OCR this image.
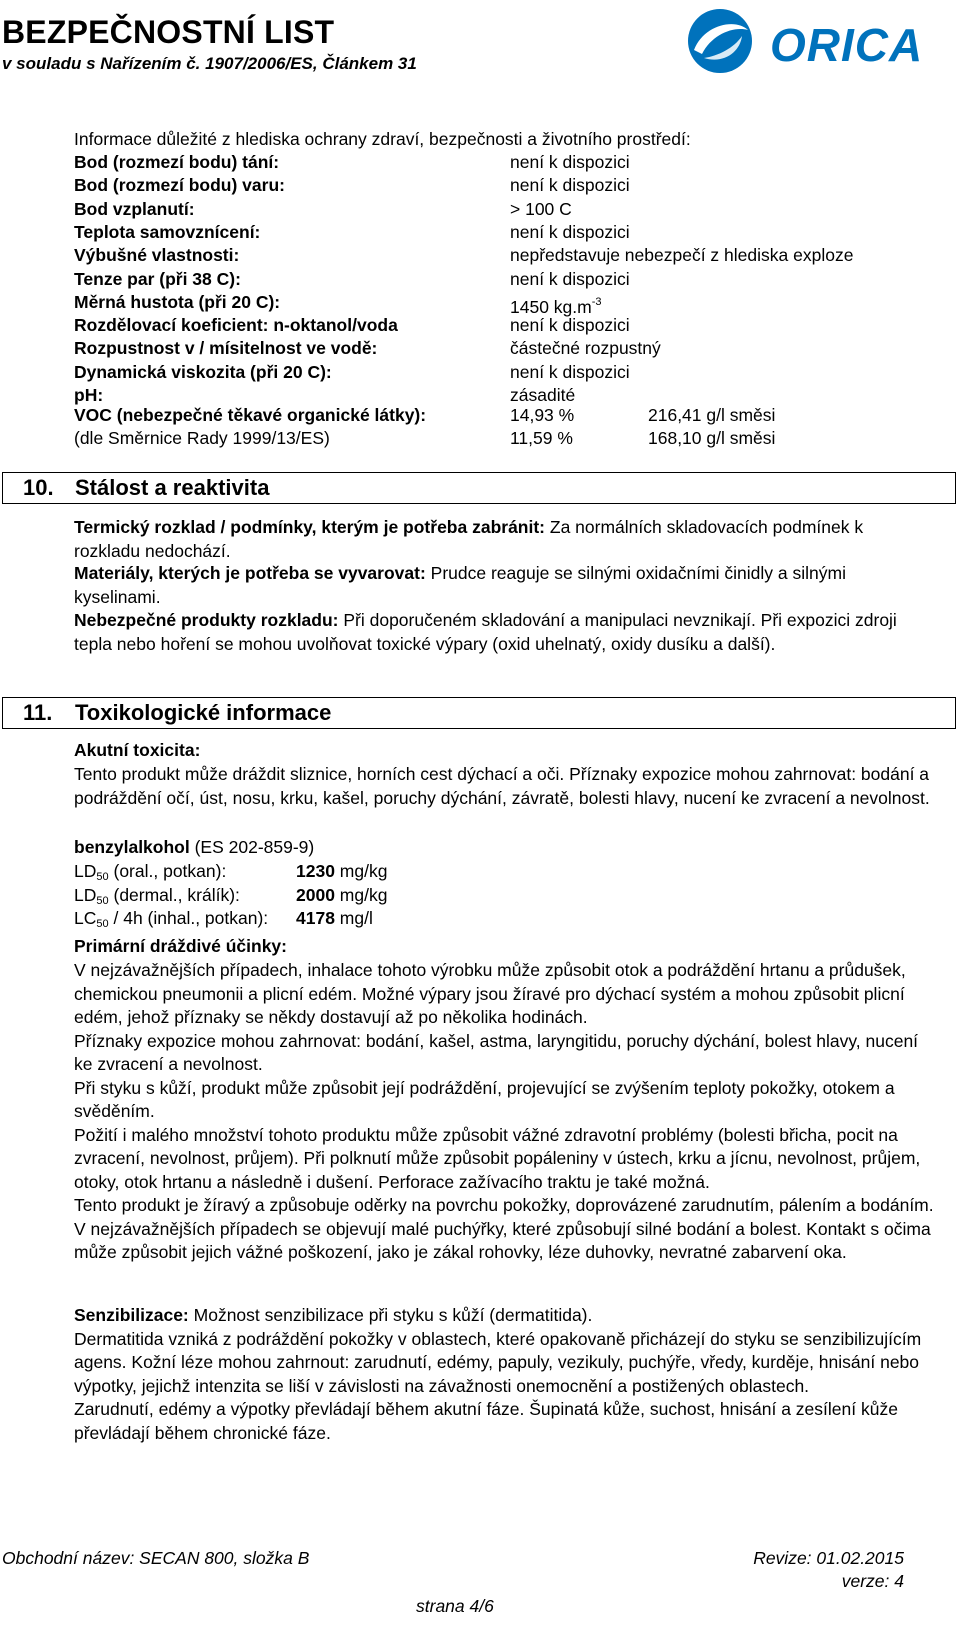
BEZPEČNOSTNÍ LIST
v souladu s Nařízením č. 1907/2006/ES, Článkem 31	ORICA
Informace důležité z hlediska ochrany zdraví, bezpečnosti a životního prostředí:
Bod (rozmezí bodu) tání:	není k dispozici
Bod (rozmezí bodu) varu:	není k dispozici
Bod vzplanutí:	> 100 C
Teplota samovznícení:	není k dispozici
Výbušné vlastnosti:	nepředstavuje nebezpečí z hlediska exploze
Tenze par (při 38 C):	není k dispozici
Měrná hustota (při 20 C):	1450 $kg.m^{-3}$
Rozdělovací koeficient: n-oktanol/voda	není k dispozici
Rozpustnost v / mísitelnost ve vodě:	částečné rozpustný
Dynamická viskozita (při 20 C):	není k dispozici
pH:	zásadité
VOC (nebezpečné těkavé organické látky):	14,93 %	216,41 g/l směsi
(dle Směrnice Rady 1999/13/ES)	11,59 %	168,10 g/l směsi
10. Stálost a reaktivita
Termický rozklad / podmínky, kterým je potřeba zabránit: Za normálních skladovacích podmínek k rozkladu nedochází.
Materiály, kterých je potřeba se vyvarovat: Prudce reaguje se silnými oxidačními činidly a silnými kyselinami.
Nebezpečné produkty rozkladu: Při doporučeném skladování a manipulaci nevznikají. Při expozici zdroji tepla nebo hoření se mohou uvolňovat toxické výpary (oxid uhelnatý, oxidy dusíku a další).
11. Toxikologické informace
Akutní toxicita:
Tento produkt může dráždit sliznice, horních cest dýchací a oči. Příznaky expozice mohou zahrnovat: bodání a podráždění očí, úst, nosu, krku, kašel, poruchy dýchání, závratě, bolesti hlavy, nucení ke zvracení a nevolnost.
benzylalkohol (ES 202-859-9)
$LD_{50}$ (oral., potkan):	1230 mg/kg
$LD_{50}$ (dermal., králík):	2000 mg/kg
$LC_{50} / 4h$ (inhal., potkan): 4178 mg/l
Primární dráždivé účinky:
V nejzávažnějších případech, inhalace tohoto výrobku může způsobit otok a podráždění hrtanu a průdušek, chemickou pneumonii a plicní edém. Možné výpary jsou žíravé pro dýchací systém a mohou způsobit plicní edém, jehož příznaky se někdy dostavují až po několika hodinách.
Příznaky expozice mohou zahrnovat: bodání, kašel, astma, laryngitidu, poruchy dýchání, bolest hlavy, nucení ke zvracení a nevolnost.
Při styku s kůží, produkt může způsobit její podráždění, projevující se zvýšením teploty pokožky, otokem a svěděním.
Požití i malého množství tohoto produktu může způsobit vážné zdravotní problémy (bolesti břicha, pocit na zvracení, nevolnost, průjem). Při polknutí může způsobit popáleniny v ústech, krku a jícnu, nevolnost, průjem, otoky, otok hrtanu a následně i dušení. Perforace zažívacího traktu je také možná.
Tento produkt je žíravý a způsobuje oděrky na povrchu pokožky, doprovázené zarudnutím, pálením a bodáním. V nejzávažnějších případech se objevují malé puchýřky, které způsobují silné bodání a bolest. Kontakt s očima může způsobit jejich vážné poškození, jako je zákal rohovky, léze duhovky, nevratné zabarvení oka.
Senzibilizace: Možnost senzibilizace při styku s kůží (dermatitida).
Dermatitida vzniká z podráždění pokožky v oblastech, které opakovaně přicházejí do styku se senzibilizujícím agens. Kožní léze mohou zahrnout: zarudnutí, edémy, papuly, vezikuly, puchýře, vředy, kurděje, hnisání nebo výpotky, jejichž intenzita se liší v závislosti na závažnosti onemocnění a postižených oblastech.
Zarudnutí, edémy a výpotky převládají během akutní fáze. Šupinatá kůže, suchost, hnisání a zesílení kůže převládají během chronické fáze.
Obchodní název: SECAN 800, složka B	Revize: 01.02.2015
verze: 4
strana 4/6
